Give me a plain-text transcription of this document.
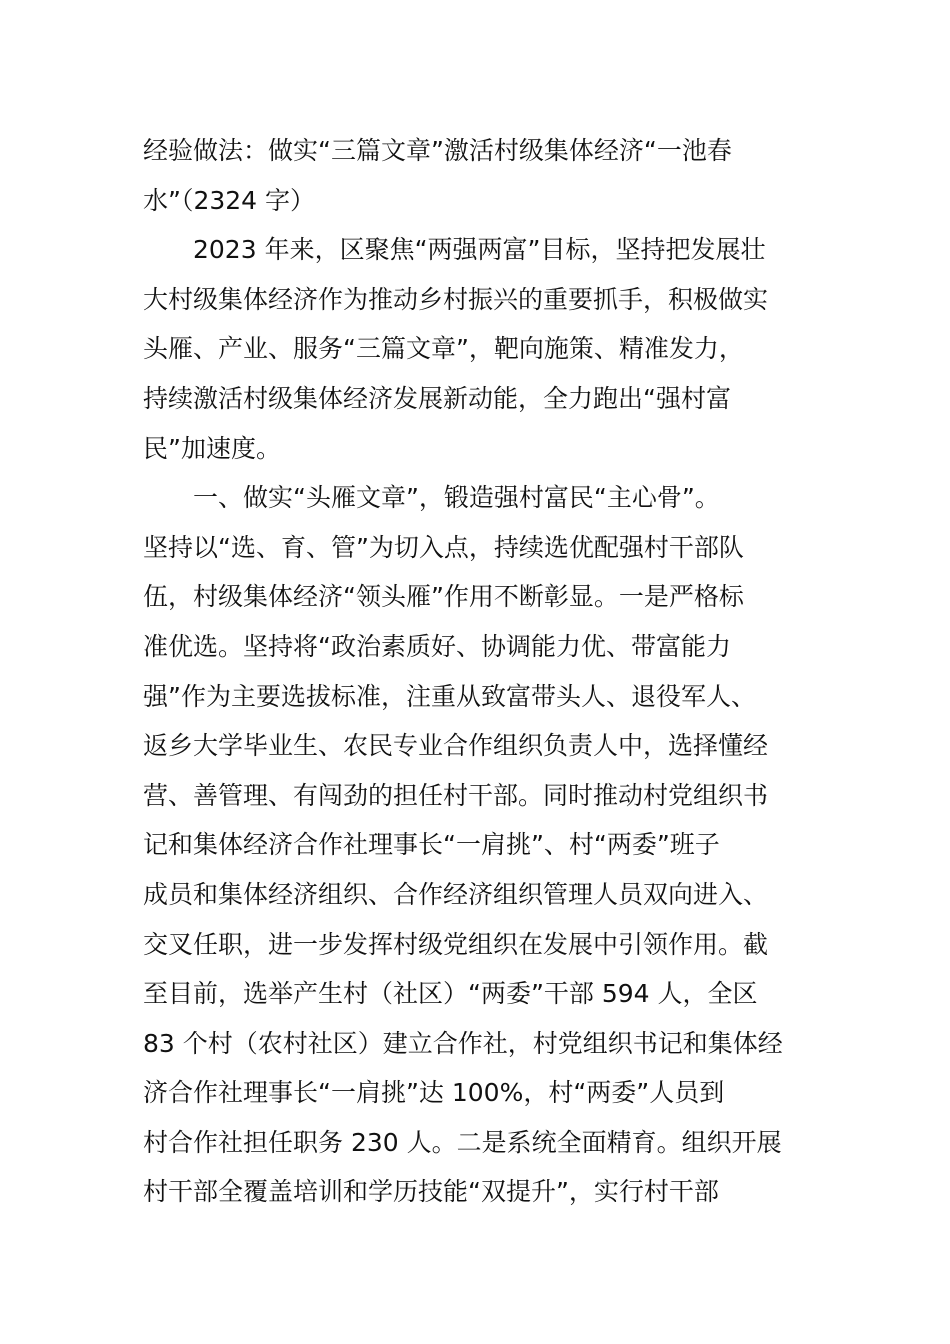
经验做法：做实“三篇文章”激活村级集体经济“一池春
水”（2324 字）
　　2023 年来，区聚焦“两强两富”目标，坚持把发展壮
大村级集体经济作为推动乡村振兴的重要抓手，积极做实
头雁、产业、服务“三篇文章”，靶向施策、精准发力，
持续激活村级集体经济发展新动能，全力跑出“强村富
民”加速度。
　　一、做实“头雁文章”，锻造强村富民“主心骨”。
坚持以“选、育、管”为切入点，持续选优配强村干部队
伍，村级集体经济“领头雁”作用不断彰显。一是严格标
准优选。坚持将“政治素质好、协调能力优、带富能力
强”作为主要选拔标准，注重从致富带头人、退役军人、
返乡大学毕业生、农民专业合作组织负责人中，选择懂经
营、善管理、有闯劲的担任村干部。同时推动村党组织书
记和集体经济合作社理事长“一肩挑”、村“两委”班子
成员和集体经济组织、合作经济组织管理人员双向进入、
交叉任职，进一步发挥村级党组织在发展中引领作用。截
至目前，选举产生村（社区）“两委”干部 594 人，全区
83 个村（农村社区）建立合作社，村党组织书记和集体经
济合作社理事长“一肩挑”达 100%，村“两委”人员到
村合作社担任职务 230 人。二是系统全面精育。组织开展
村干部全覆盖培训和学历技能“双提升”，实行村干部
